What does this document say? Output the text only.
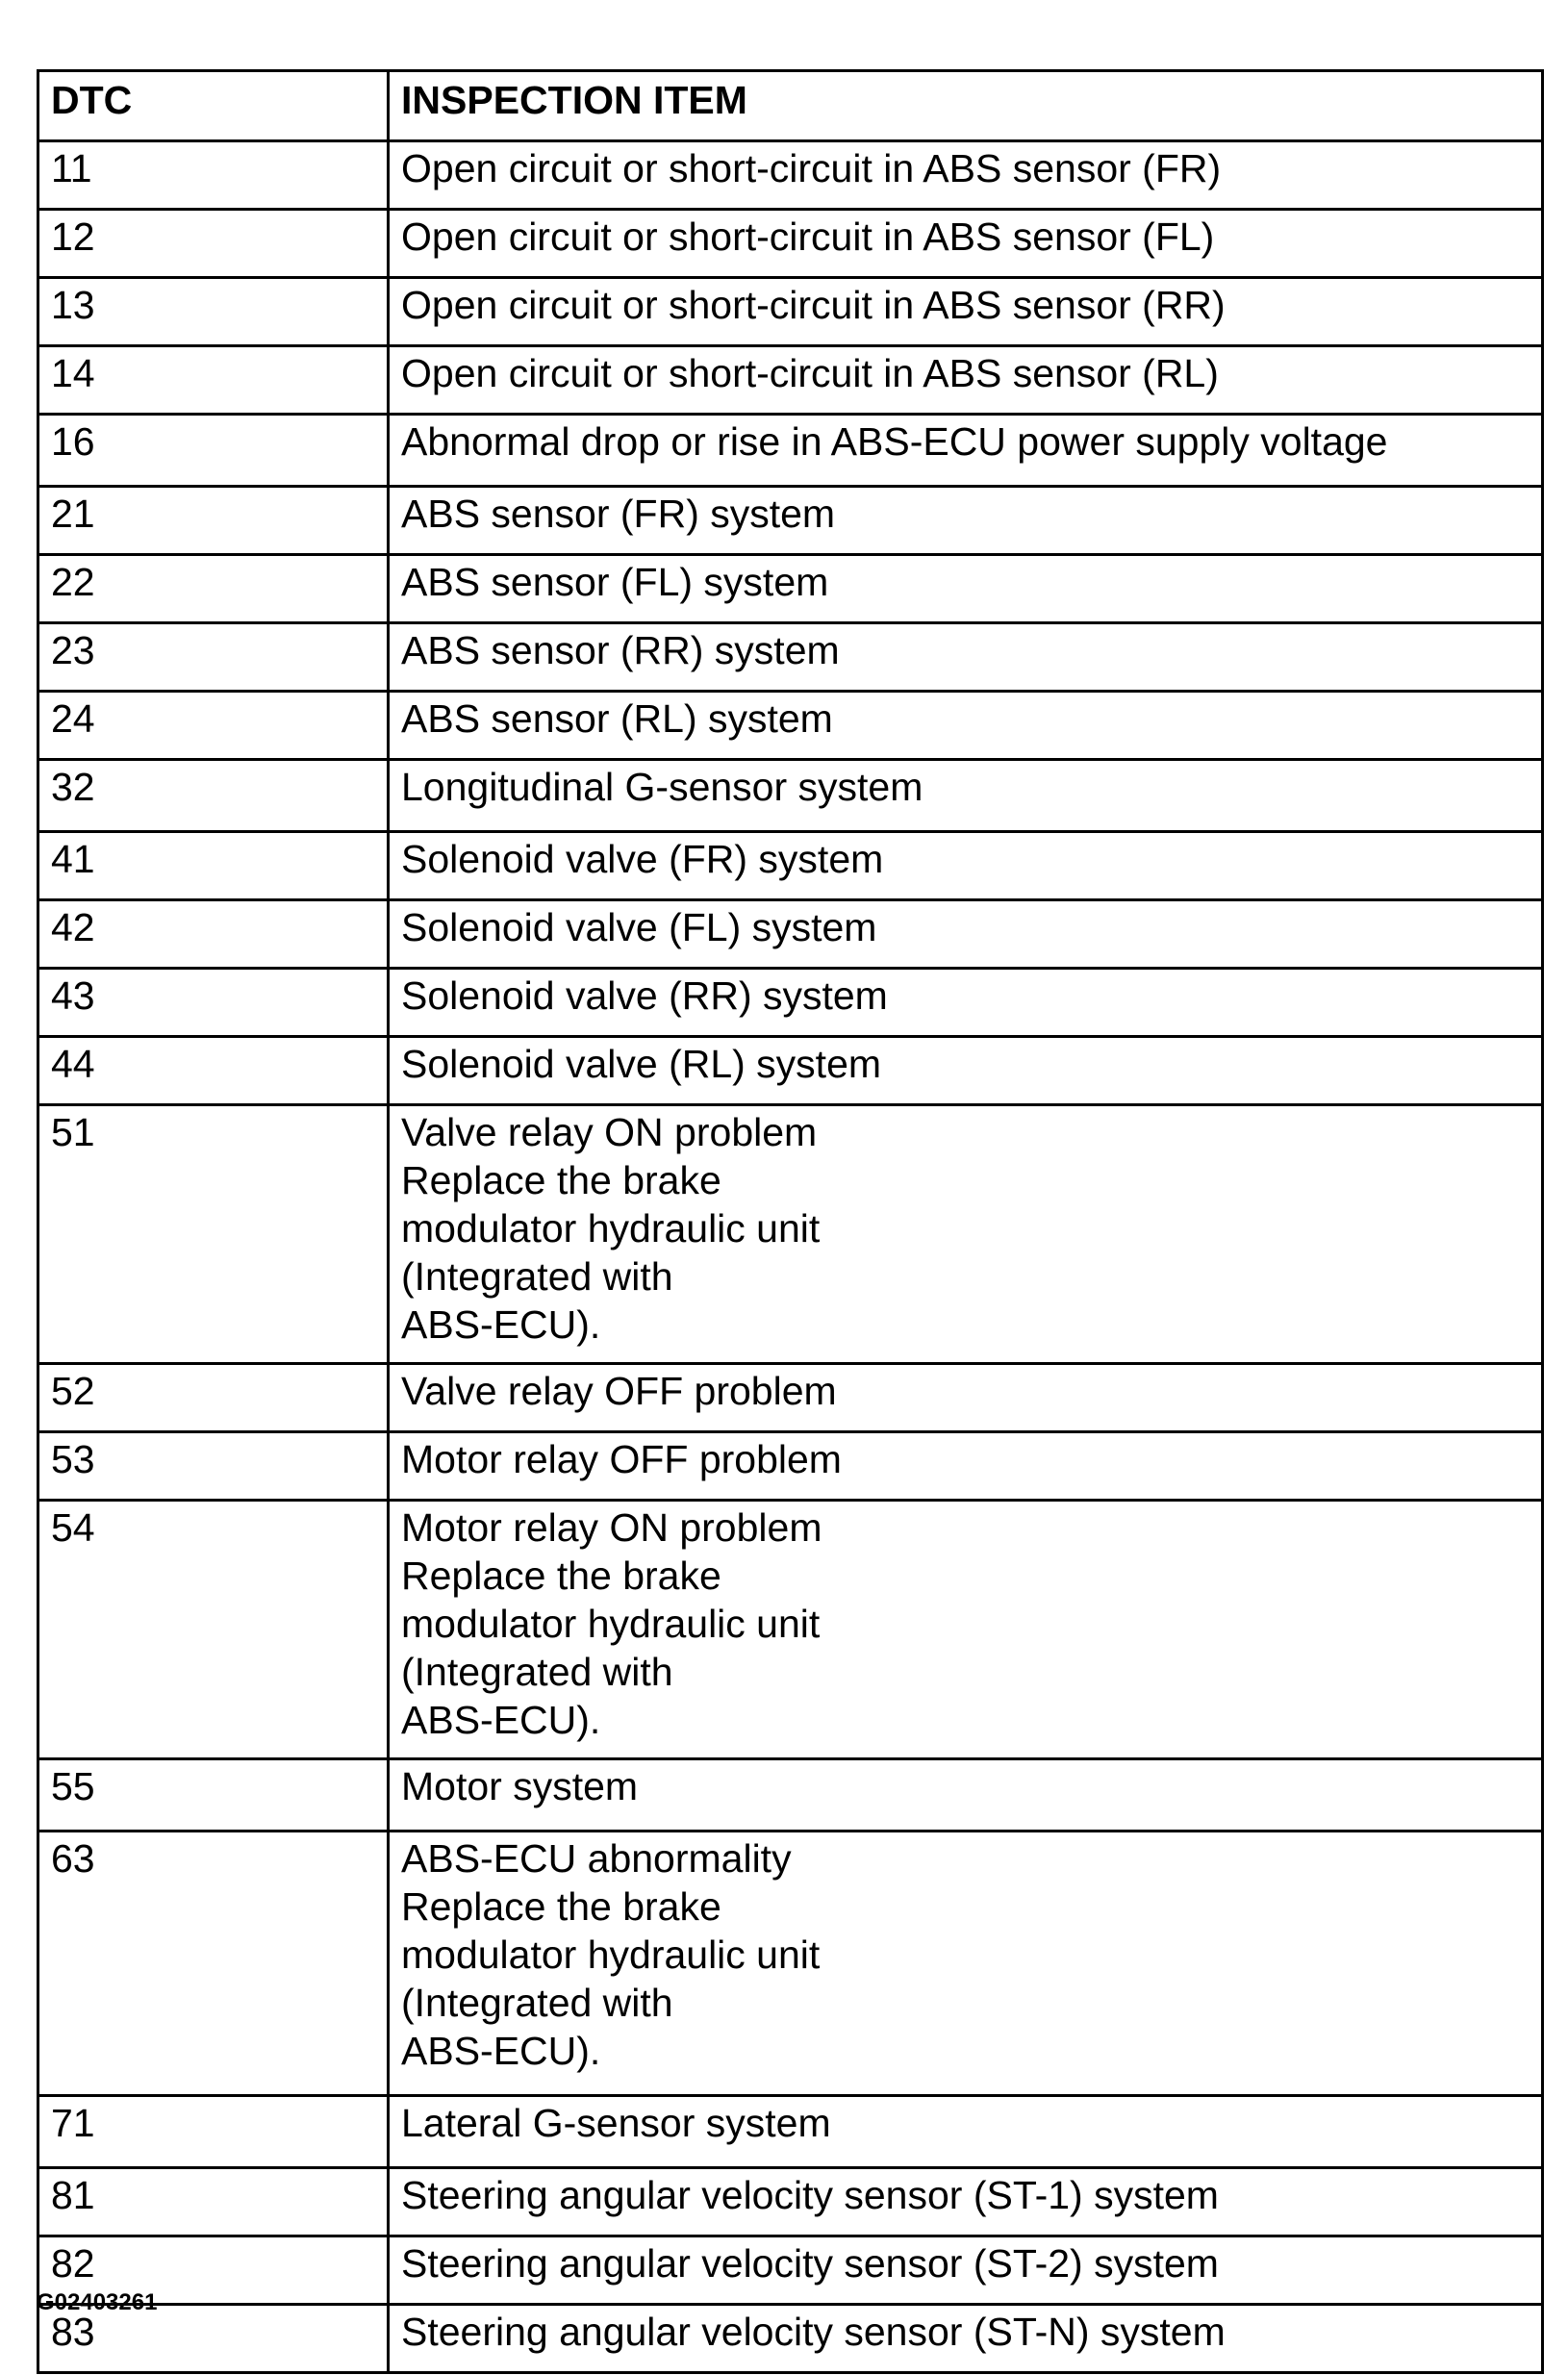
DTC	INSPECTION ITEM
11	Open circuit or short-circuit in ABS sensor (FR)

12	Open circuit or short-circuit in ABS sensor (FL)

13	Open circuit or short-circuit in ABS sensor (RR)

14	Open circuit or short-circuit in ABS sensor (RL)

16	Abnormal drop or rise in ABS-ECU power supply voltage

21	ABS sensor (FR) system

22	ABS sensor (FL) system

23	ABS sensor (RR) system

24	ABS sensor (RL) system

32	Longitudinal G-sensor system

41	Solenoid valve (FR) system

42	Solenoid valve (FL) system

43	Solenoid valve (RR) system

44	Solenoid valve (RL) system

51	Valve relay ON problem
Replace the brake
modulator hydraulic unit
(Integrated with
ABS-ECU).

52	Valve relay OFF problem

53	Motor relay OFF problem

54	Motor relay ON problem
Replace the brake
modulator hydraulic unit
(Integrated with
ABS-ECU).

55	Motor system

63	ABS-ECU abnormality
Replace the brake
modulator hydraulic unit
(Integrated with
ABS-ECU).

71	Lateral G-sensor system

81	Steering angular velocity sensor (ST-1) system

82	Steering angular velocity sensor (ST-2) system

83	Steering angular velocity sensor (ST-N) system
G02403261
